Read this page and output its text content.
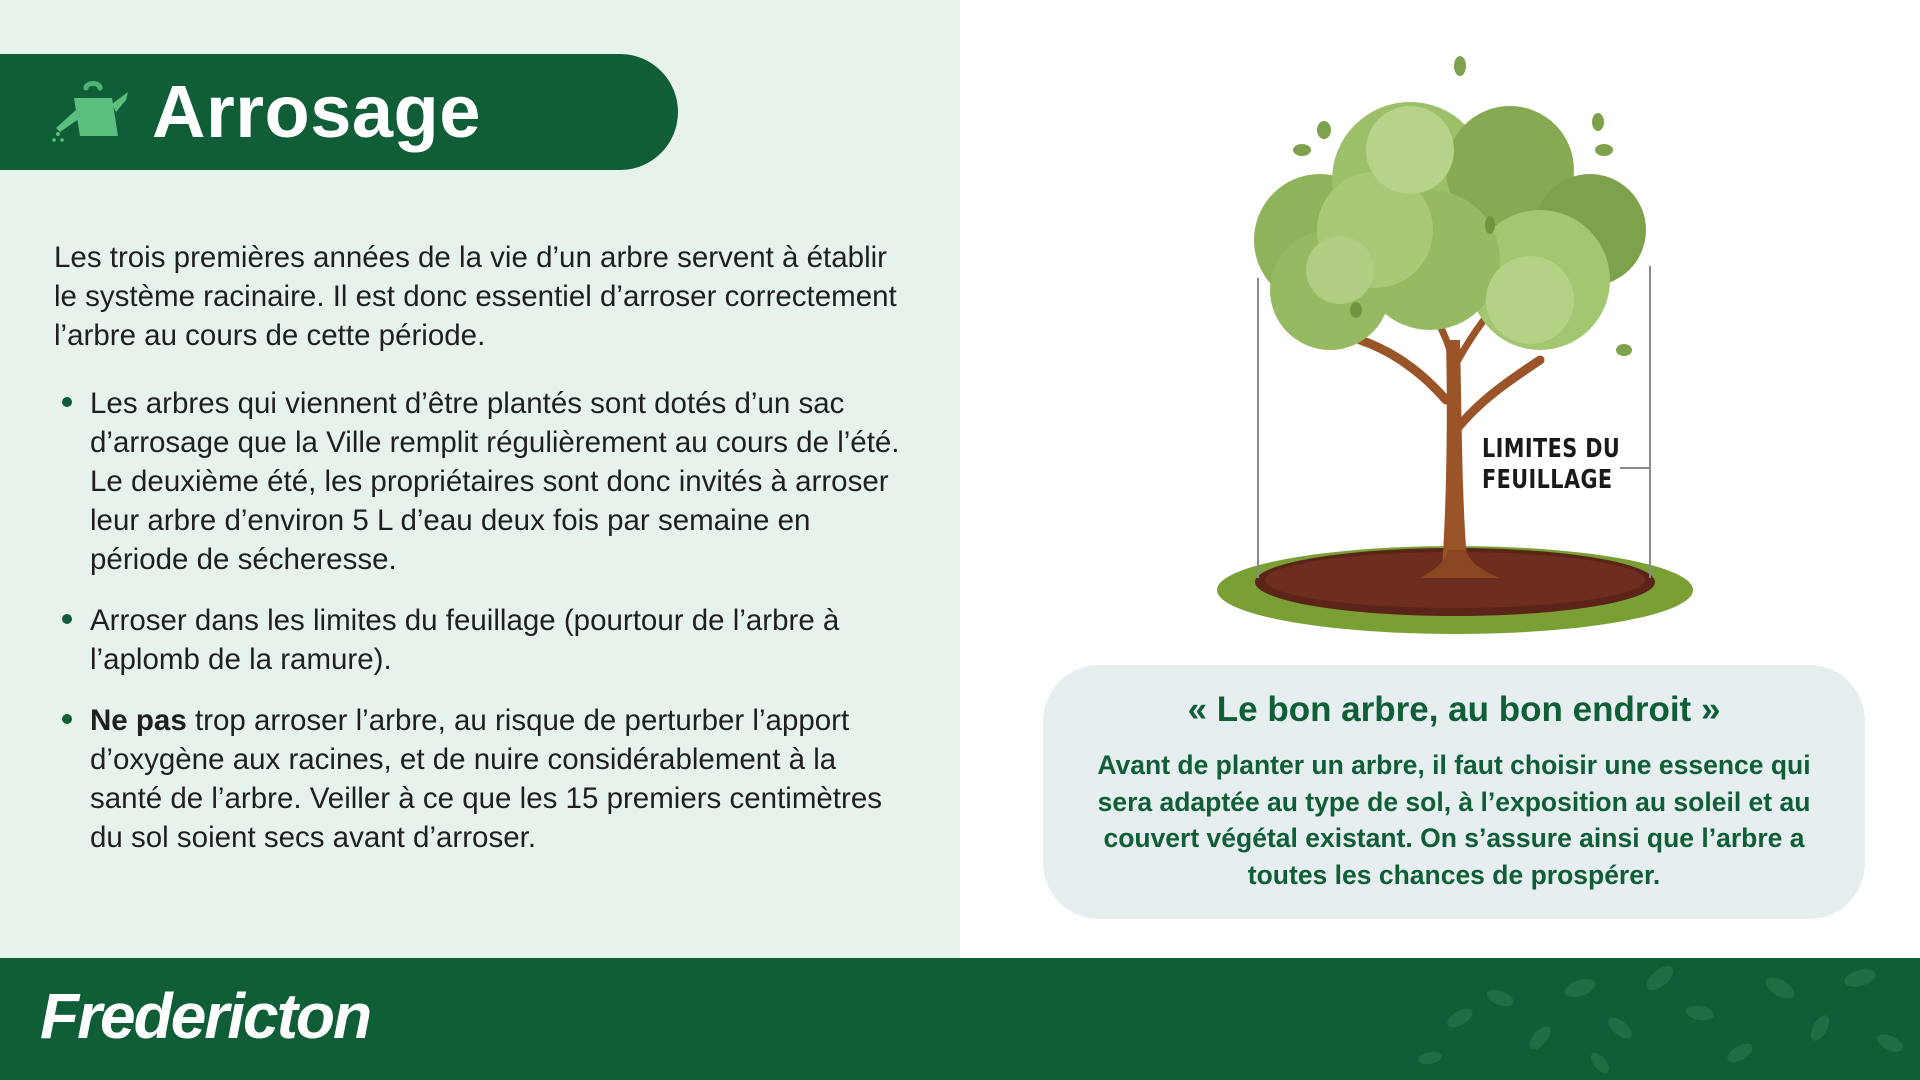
Arrosage

Les trois premières années de la vie d’un arbre servent à établir le système racinaire. Il est donc essentiel d’arroser correctement l’arbre au cours de cette période.

Les arbres qui viennent d’être plantés sont dotés d’un sac d’arrosage que la Ville remplit régulièrement au cours de l’été. Le deuxième été, les propriétaires sont donc invités à arroser leur arbre d’environ 5 L d’eau deux fois par semaine en période de sécheresse.
Arroser dans les limites du feuillage (pourtour de l’arbre à l’aplomb de la ramure).
Ne pas trop arroser l’arbre, au risque de perturber l’apport d’oxygène aux racines, et de nuire considérablement à la santé de l’arbre. Veiller à ce que les 15 premiers centimètres du sol soient secs avant d’arroser.
LIMITES DU
FEUILLAGE
« Le bon arbre, au bon endroit »
Avant de planter un arbre, il faut choisir une essence qui sera adaptée au type de sol, à l’exposition au soleil et au couvert végétal existant. On s’assure ainsi que l’arbre a toutes les chances de prospérer.
Fredericton
